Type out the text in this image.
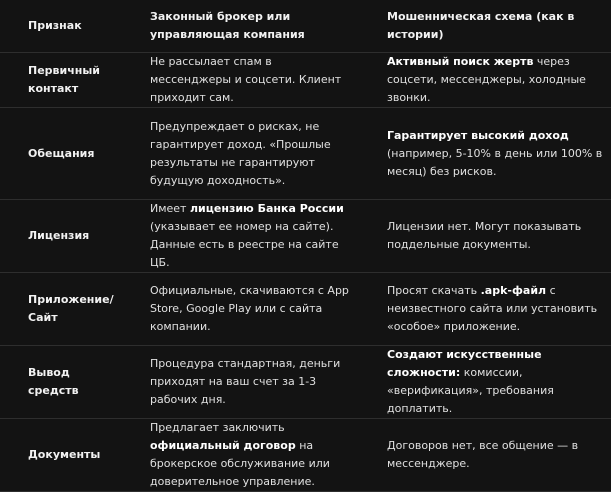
Признак	Законный брокер или управляющая компания	Мошенническая схема (как в истории)
Первичный контакт	Не рассылает спам в мессенджеры и соцсети. Клиент приходит сам.	Активный поиск жертв через соцсети, мессенджеры, холодные звонки.
Обещания	Предупреждает о рисках, не гарантирует доход. «Прошлые результаты не гарантируют будущую доходность».	Гарантирует высокий доход (например, 5-10% в день или 100% в месяц) без рисков.
Лицензия	Имеет лицензию Банка России (указывает ее номер на сайте). Данные есть в реестре на сайте ЦБ.	Лицензии нет. Могут показывать поддельные документы.
Приложение/Сайт	Официальные, скачиваются с App Store, Google Play или с сайта компании.	Просят скачать .apk-файл с неизвестного сайта или установить «особое» приложение.
Вывод средств	Процедура стандартная, деньги приходят на ваш счет за 1-3 рабочих дня.	Создают искусственные сложности: комиссии, «верификация», требования доплатить.
Документы	Предлагает заключить официальный договор на брокерское обслуживание или доверительное управление.	Договоров нет, все общение — в мессенджере.
